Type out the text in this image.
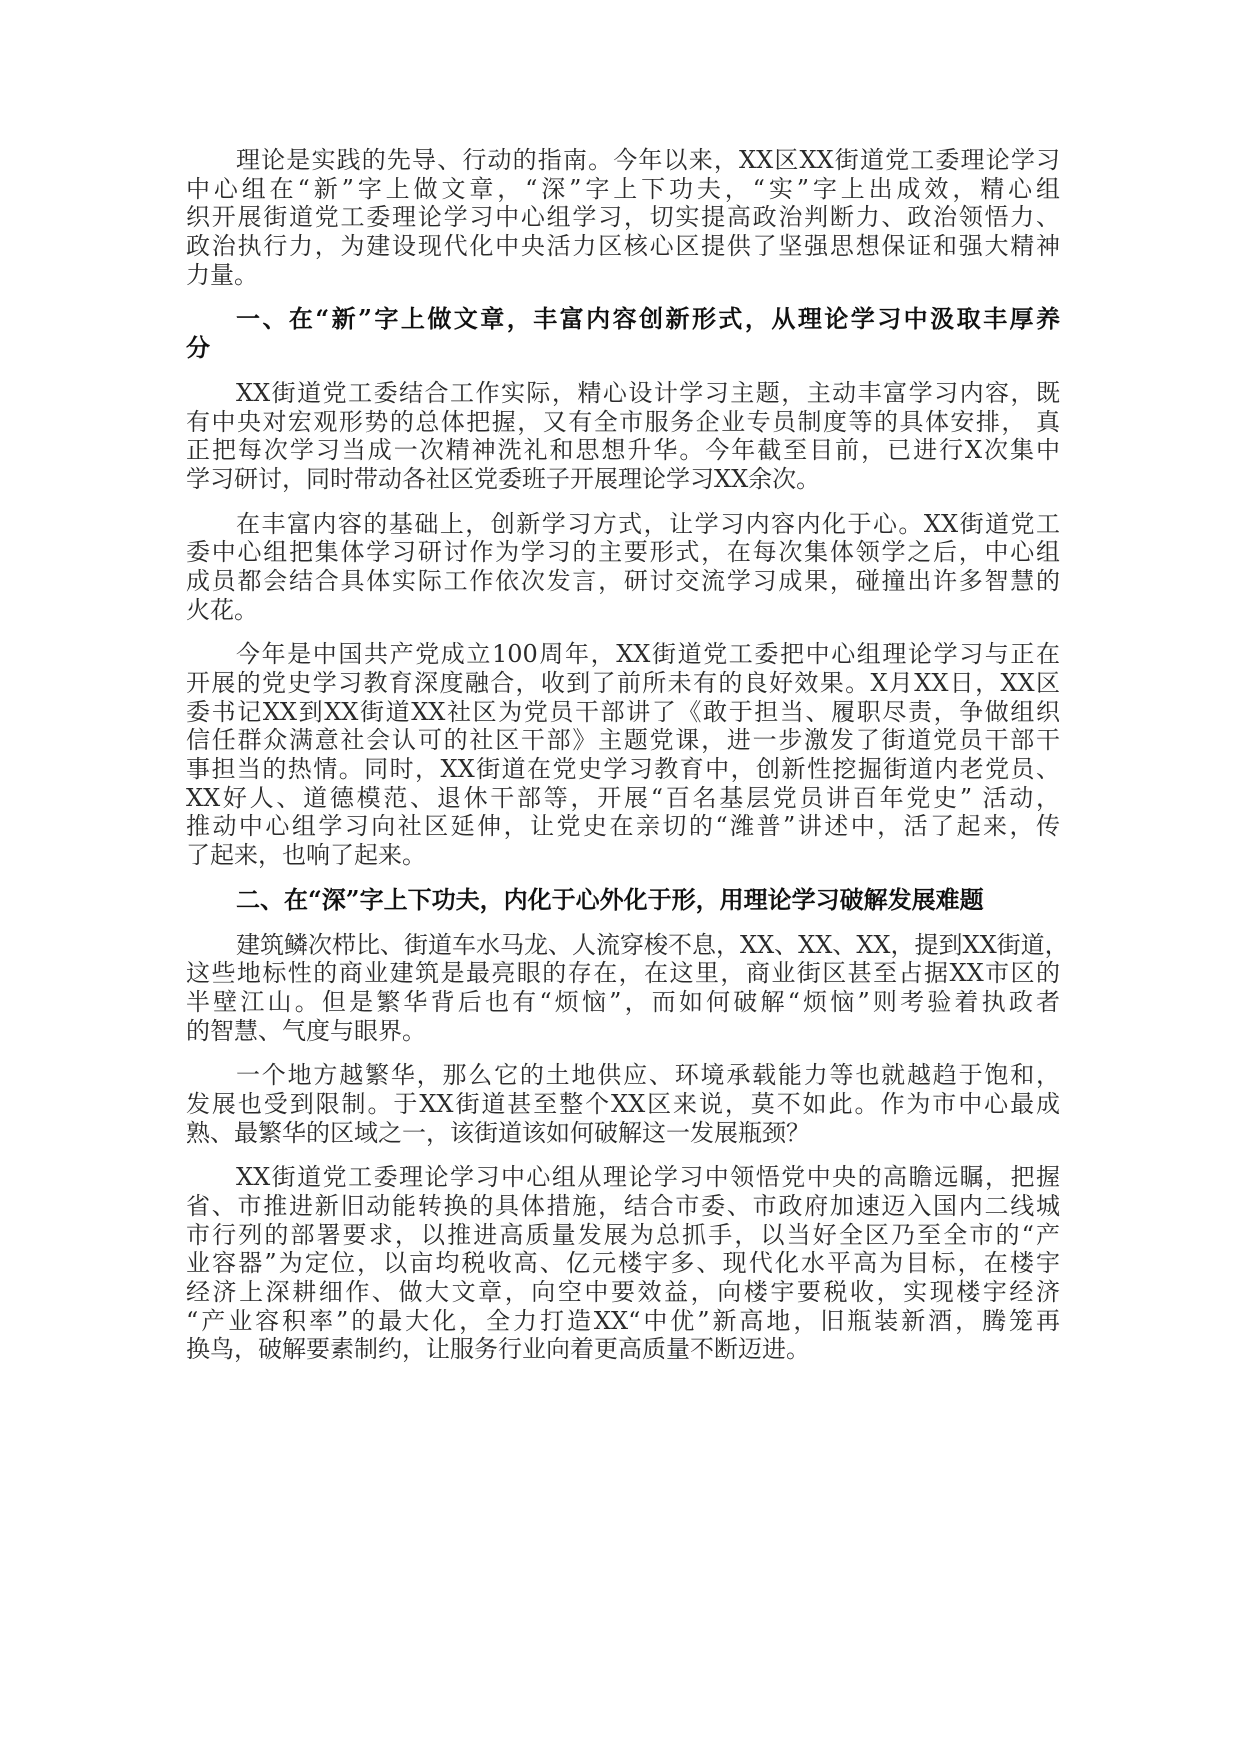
理论是实践的先导、行动的指南。今年以来，XX区XX街道党工委理论学习
中心组在“新”字上做文章，“深”字上下功夫，“实”字上出成效，精心组
织开展街道党工委理论学习中心组学习，切实提高政治判断力、政治领悟力、
政治执行力，为建设现代化中央活力区核心区提供了坚强思想保证和强大精神
力量。
一、在“新”字上做文章，丰富内容创新形式，从理论学习中汲取丰厚养
分
XX街道党工委结合工作实际，精心设计学习主题，主动丰富学习内容，既
有中央对宏观形势的总体把握，又有全市服务企业专员制度等的具体安排， 真
正把每次学习当成一次精神洗礼和思想升华。今年截至目前，已进行X次集中
学习研讨，同时带动各社区党委班子开展理论学习XX余次。
在丰富内容的基础上，创新学习方式，让学习内容内化于心。XX街道党工
委中心组把集体学习研讨作为学习的主要形式，在每次集体领学之后，中心组
成员都会结合具体实际工作依次发言，研讨交流学习成果，碰撞出许多智慧的
火花。
今年是中国共产党成立100周年，XX街道党工委把中心组理论学习与正在
开展的党史学习教育深度融合，收到了前所未有的良好效果。X月XX日，XX区
委书记XX到XX街道XX社区为党员干部讲了《敢于担当、履职尽责，争做组织
信任群众满意社会认可的社区干部》主题党课，进一步激发了街道党员干部干
事担当的热情。同时，XX街道在党史学习教育中，创新性挖掘街道内老党员、
XX好人、道德模范、退休干部等，开展“百名基层党员讲百年党史” 活动，
推动中心组学习向社区延伸，让党史在亲切的“潍普”讲述中，活了起来，传
了起来，也响了起来。
二、在“深”字上下功夫，内化于心外化于形，用理论学习破解发展难题
建筑鳞次栉比、街道车水马龙、人流穿梭不息，XX、XX、XX，提到XX街道，
这些地标性的商业建筑是最亮眼的存在，在这里，商业街区甚至占据XX市区的
半壁江山。但是繁华背后也有“烦恼”，而如何破解“烦恼”则考验着执政者
的智慧、气度与眼界。
一个地方越繁华，那么它的土地供应、环境承载能力等也就越趋于饱和，
发展也受到限制。于XX街道甚至整个XX区来说，莫不如此。作为市中心最成
熟、最繁华的区域之一，该街道该如何破解这一发展瓶颈？
XX街道党工委理论学习中心组从理论学习中领悟党中央的高瞻远瞩，把握
省、市推进新旧动能转换的具体措施，结合市委、市政府加速迈入国内二线城
市行列的部署要求，以推进高质量发展为总抓手，以当好全区乃至全市的“产
业容器”为定位，以亩均税收高、亿元楼宇多、现代化水平高为目标，在楼宇
经济上深耕细作、做大文章，向空中要效益，向楼宇要税收，实现楼宇经济
“产业容积率”的最大化，全力打造XX“中优”新高地，旧瓶装新酒，腾笼再
换鸟，破解要素制约，让服务行业向着更高质量不断迈进。
